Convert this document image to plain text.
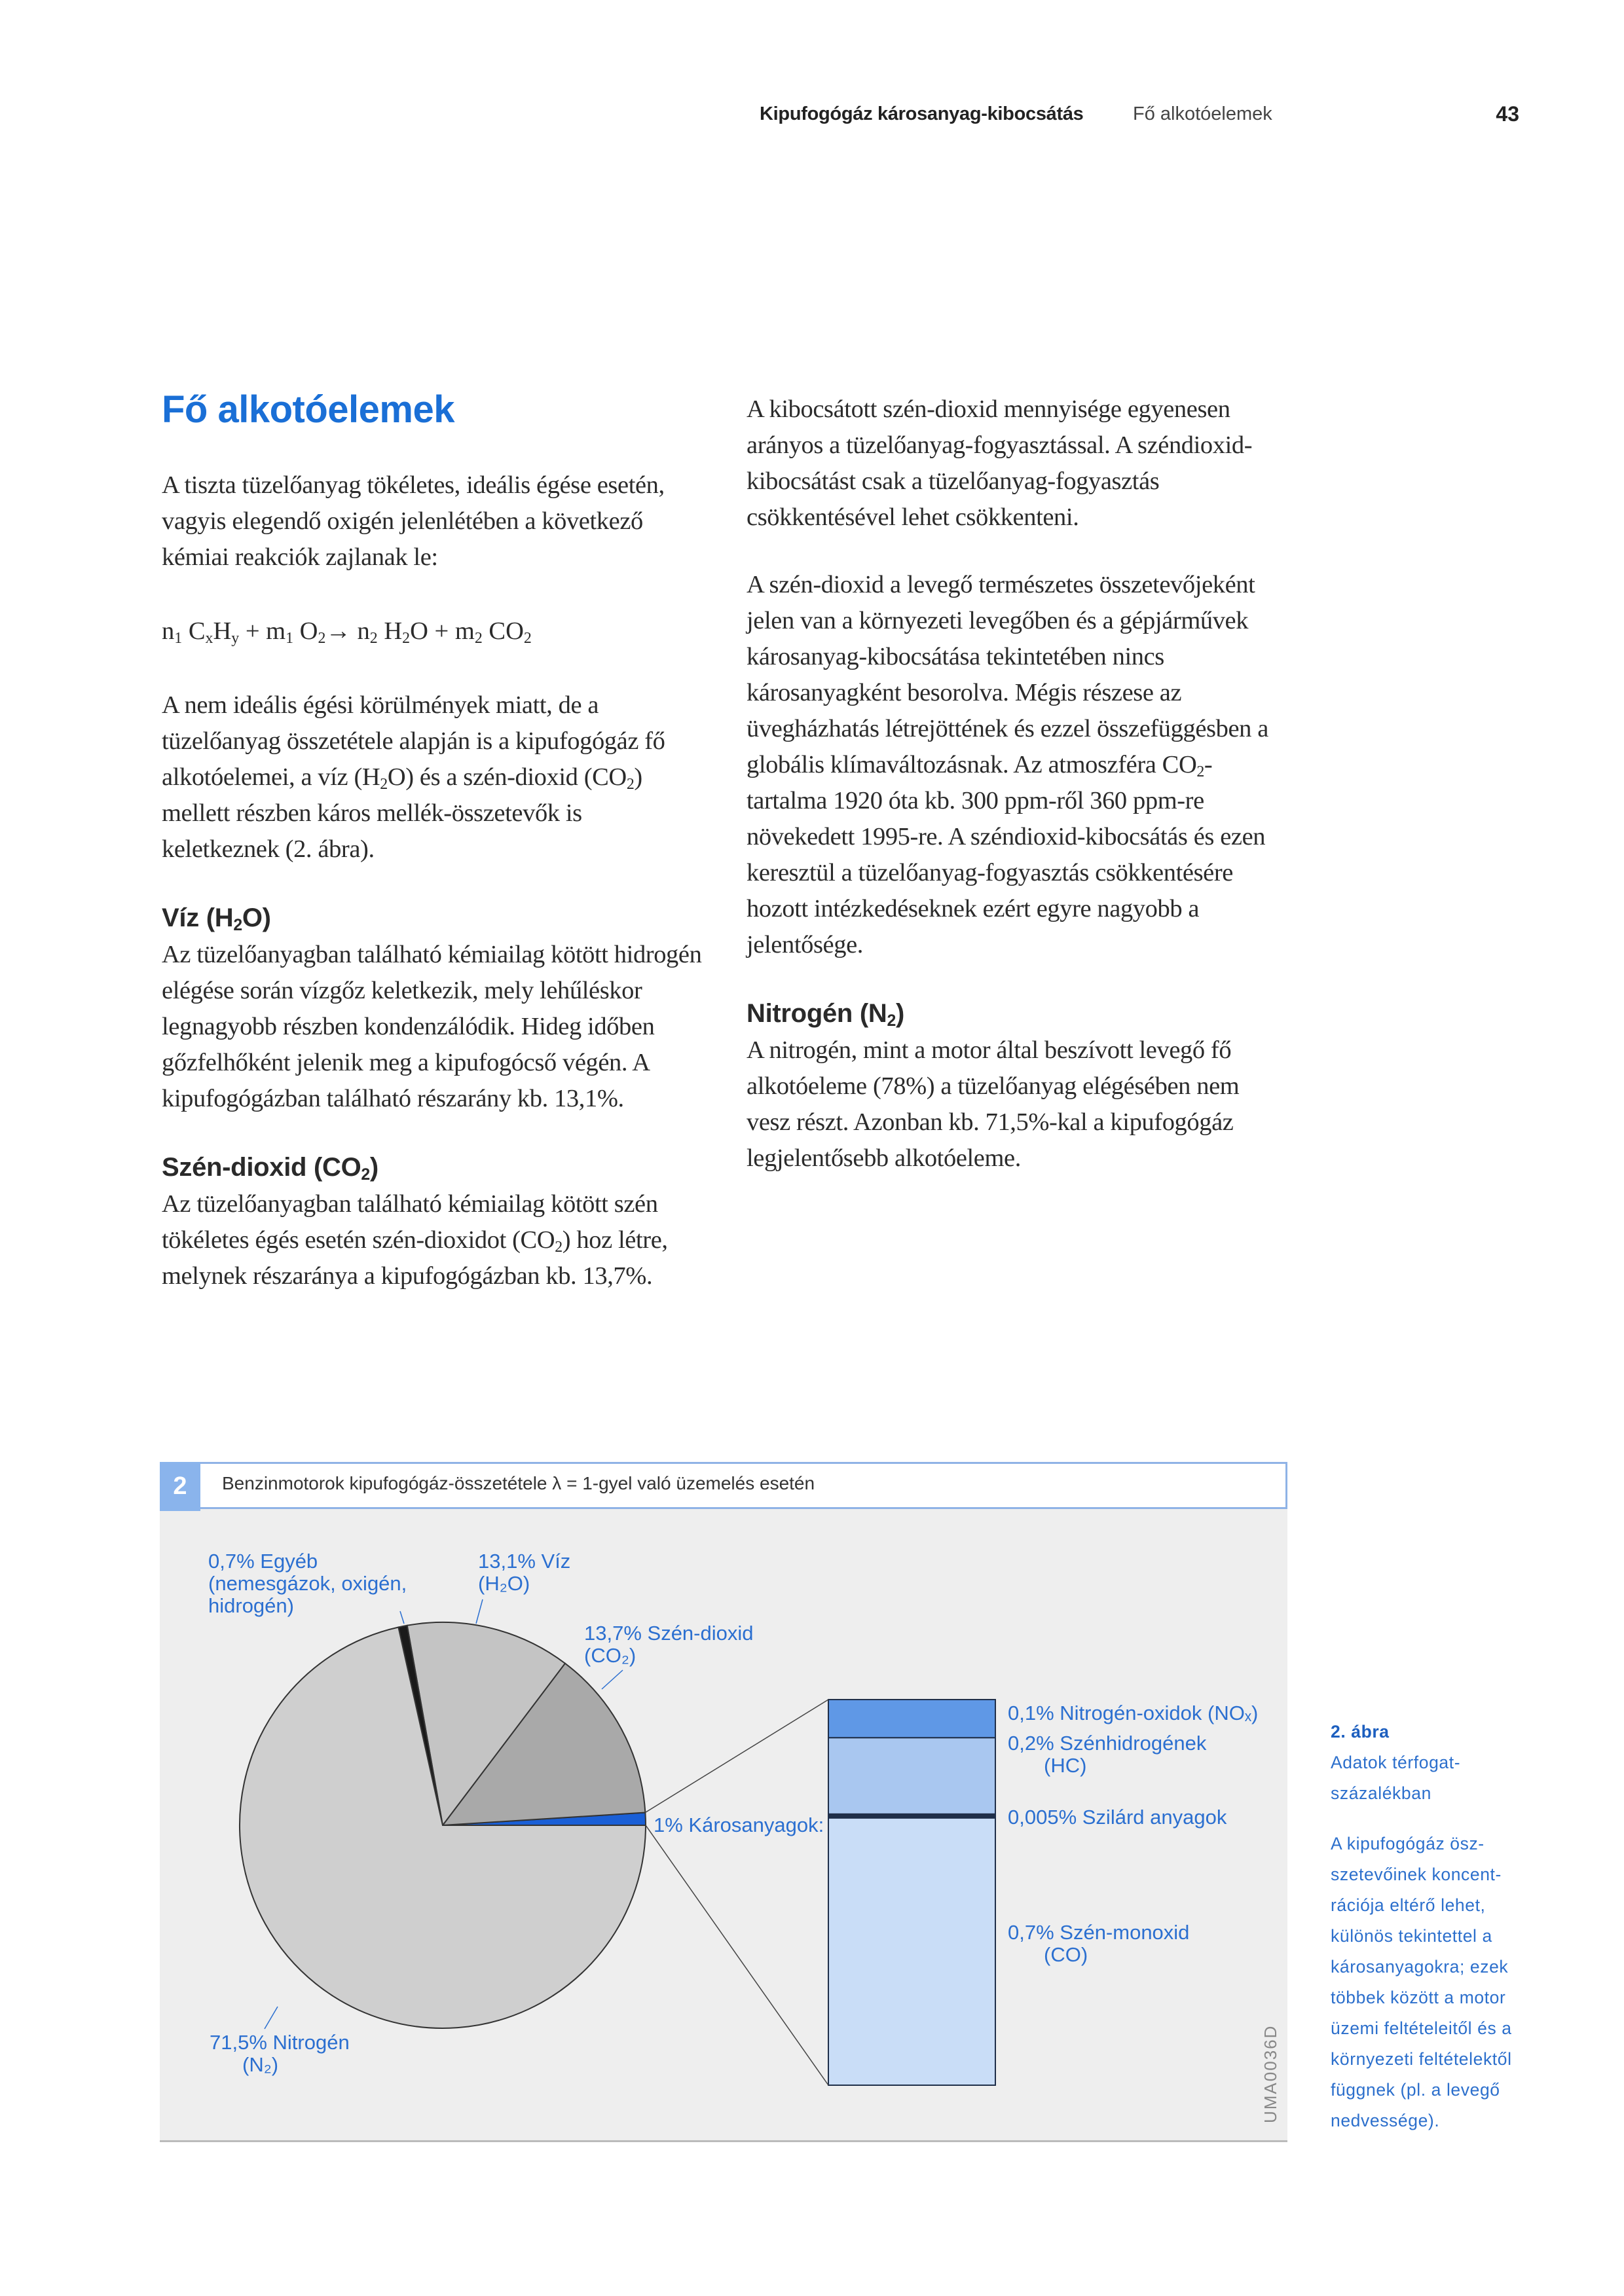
Kipufogógáz károsanyag-kibocsátás	Fő alkotóelemek	43
Fő alkotóelemek

A tiszta tüzelőanyag tökéletes, ideális égése esetén, vagyis elegendő oxigén jelenlétében a következő kémiai reakciók zajlanak le:

$n_1$ $C_xH_y + m_1$ $O_2\to n_2$ $H_2O + m_2$ $CO_2$

A nem ideális égési körülmények miatt, de a tüzelőanyag összetétele alapján is a kipufogógáz fő alkotóelemei, a víz $(H_2O)$ és a szén-dioxid $(CO_2)$ mellett részben káros mellék-összetevők is keletkeznek (2. ábra).

Víz $(H_2O)$

Az tüzelőanyagban található kémiailag kötött hidrogén elégése során vízgőz keletkezik, mely lehűléskor legnagyobb részben kondenzálódik. Hideg időben gőzfelhőként jelenik meg a kipufogócső végén. A kipufogógázban található részarány kb. 13,1%.

Szén-dioxid $(CO_2)$

Az tüzelőanyagban található kémiailag kötött szén tökéletes égés esetén szén-dioxidot $(CO_2)$ hoz létre, melynek részaránya a kipufogógázban kb. 13,7%.

A kibocsátott szén-dioxid mennyisége egyenesen arányos a tüzelőanyag-fogyasztással. A széndioxid-kibocsátást csak a tüzelőanyag-fogyasztás csökkentésével lehet csökkenteni.

A szén-dioxid a levegő természetes összetevőjeként jelen van a környezeti levegőben és a gépjárművek károsanyag-kibocsátása tekintetében nincs károsanyagként besorolva. Mégis részese az üvegházhatás létrejöttének és ezzel összefüggésben a globális klímaváltozásnak. Az atmoszféra $CO_2$-tartalma 1920 óta kb. 300 ppm-ről 360 ppm-re növekedett 1995-re. A széndioxid-kibocsátás és ezen keresztül a tüzelőanyag-fogyasztás csökkentésére hozott intézkedéseknek ezért egyre nagyobb a jelentősége.

Nitrogén $(N_2)$

A nitrogén, mint a motor által beszívott levegő fő alkotóeleme (78%) a tüzelőanyag elégésében nem vesz részt. Azonban kb. 71,5%-kal a kipufogógáz legjelentősebb alkotóeleme.

2	Benzinmotorok kipufogógáz-összetétele λ = 1-gyel való üzemelés esetén
1% Károsanyagok:
13,7% Szén-dioxid (CO₂)
13,1% Víz (H₂O)
0,7% Egyéb (nemesgázok, oxigén, hidrogén)
71,5% Nitrogén (N₂)
0,1% Nitrogén-oxidok (NOₓ)
0,2% Szénhidrogének (HC)
0,005% Szilárd anyagok
0,7% Szén-monoxid (CO)
UMA0036D
2. ábra
Adatok térfogat-
százalékban
A kipufogógáz ösz-
szetevőinek koncent-
rációja eltérő lehet,
különös tekintettel a
károsanyagokra; ezek
többek között a motor
üzemi feltételeitől és a
környezeti feltételektől
függnek (pl. a levegő
nedvessége).
